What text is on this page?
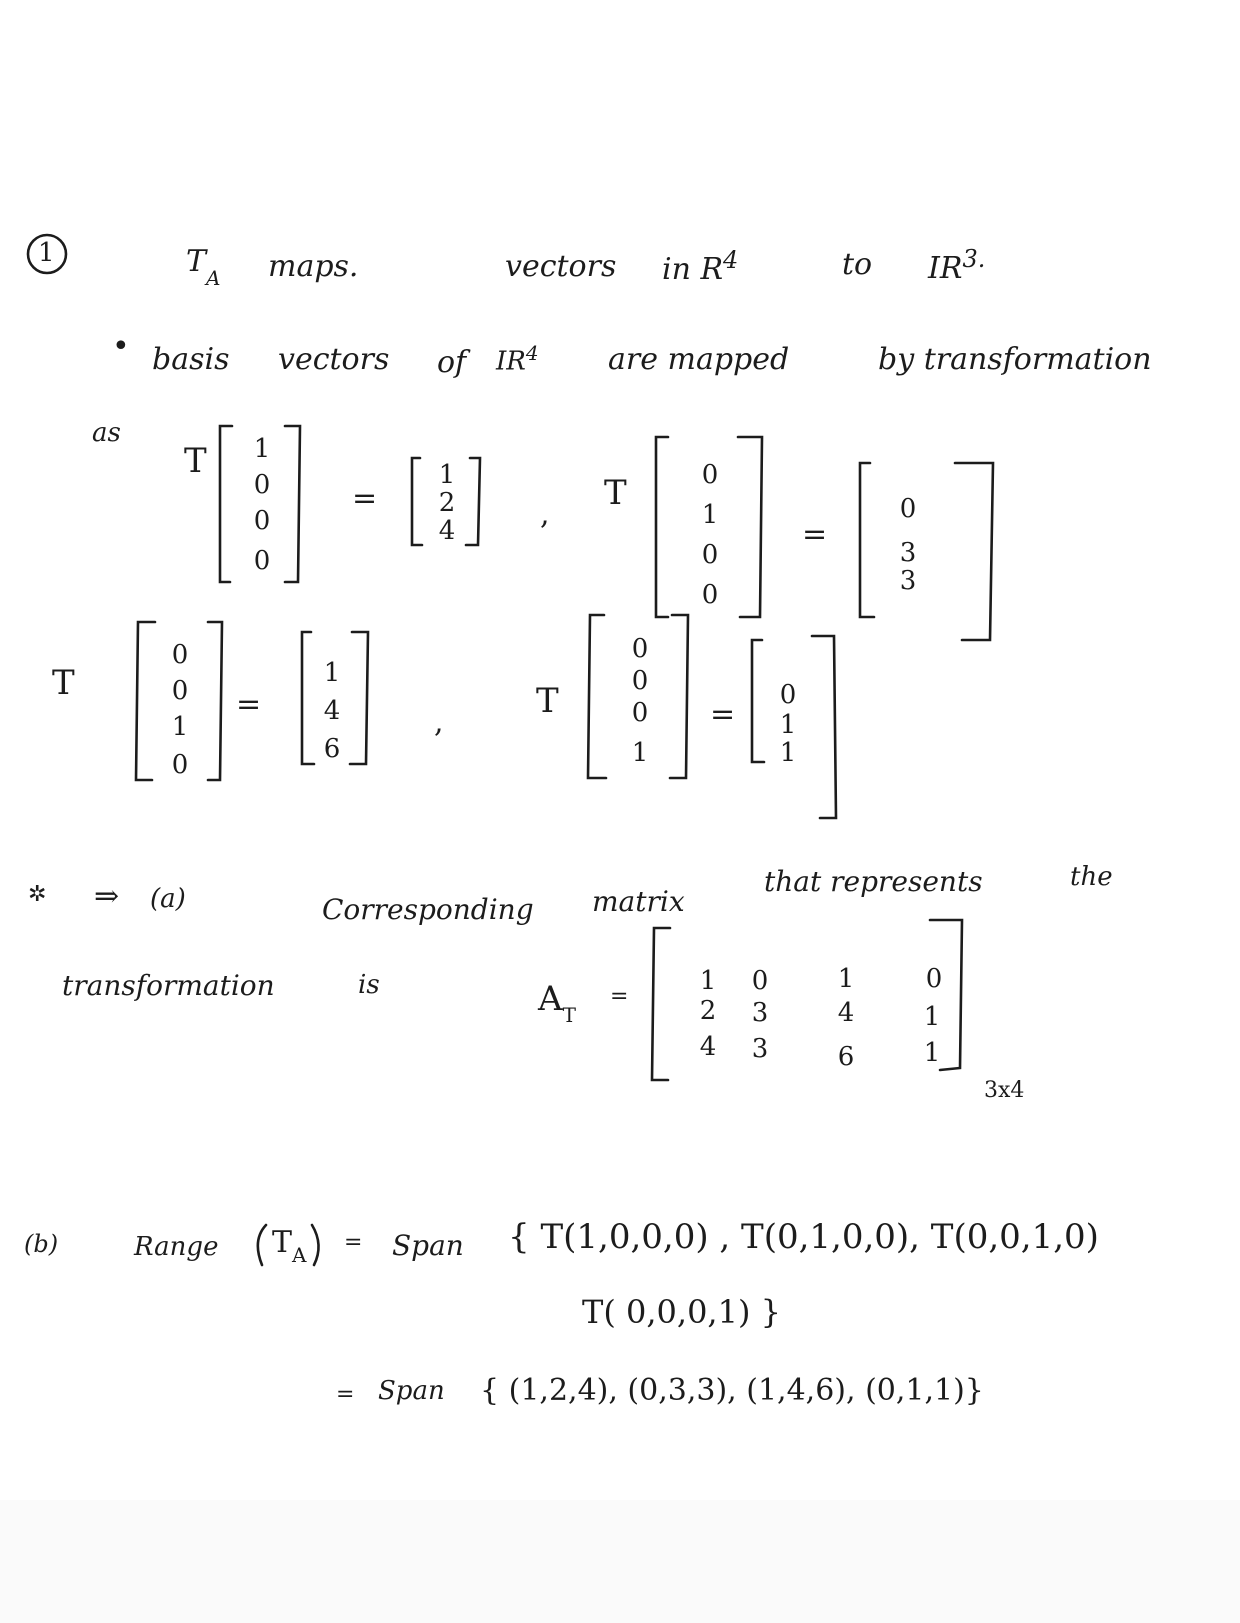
1	$T_A$ maps.	vectors in $R^4$	to $IR^{3.}$
• basis vectors of $IR^4$ are mapped	by transformation
as
T 1
0
0
0
=
1
2
4	,
T	0
1
0
0
=
0
3
3
T
0
0
1
0
=
1
4
6
,
T
0
0
0
1
=
0
1
1
✲ ⇒ (a)	Corresponding matrix
that represents	the
transformation	is	$A_T$
=
1 0	1	0
2 3	4	1
4 3	6	1
3x4
(b)	Range $T_A$ = Span { T(1,0,0,0) , T(0,1,0,0), T(0,0,1,0)
T( 0,0,0,1) }
= Span { (1,2,4), (0,3,3), (1,4,6), (0,1,1)}
